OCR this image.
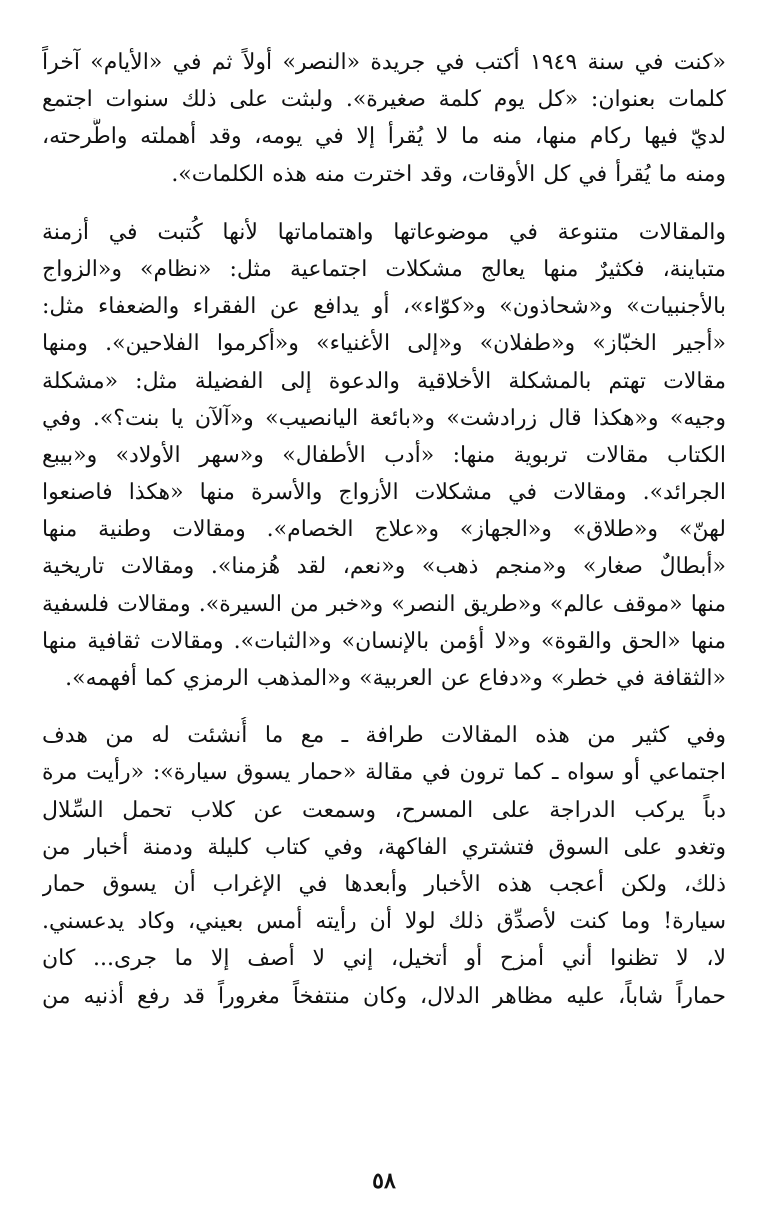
«كنت في سنة ١٩٤٩ أكتب في جريدة «النصر» أولاً ثم في «الأيام» آخراً
كلمات بعنوان: «كل يوم كلمة صغيرة». ولبثت على ذلك سنوات اجتمع
لديّ فيها ركام منها، منه ما لا يُقرأ إلا في يومه، وقد أهملته واطَّرحته،
ومنه ما يُقرأ في كل الأوقات، وقد اخترت منه هذه الكلمات».
والمقالات متنوعة في موضوعاتها واهتماماتها لأنها كُتبت في أزمنة
متباينة، فكثيرٌ منها يعالج مشكلات اجتماعية مثل: «نظام» و«الزواج
بالأجنبيات» و«شحاذون» و«كوّاء»، أو يدافع عن الفقراء والضعفاء مثل:
«أجير الخبّاز» و«طفلان» و«إلى الأغنياء» و«أكرموا الفلاحين». ومنها
مقالات تهتم بالمشكلة الأخلاقية والدعوة إلى الفضيلة مثل: «مشكلة
وجيه» و«هكذا قال زرادشت» و«بائعة اليانصيب» و«آلآن يا بنت؟». وفي
الكتاب مقالات تربوية منها: «أدب الأطفال» و«سهر الأولاد» و«بيبع
الجرائد». ومقالات في مشكلات الأزواج والأسرة منها «هكذا فاصنعوا
لهنّ» و«طلاق» و«الجهاز» و«علاج الخصام». ومقالات وطنية منها
«أبطالٌ صغار» و«منجم ذهب» و«نعم، لقد هُزمنا». ومقالات تاريخية
منها «موقف عالم» و«طريق النصر» و«خبر من السيرة». ومقالات فلسفية
منها «الحق والقوة» و«لا أؤمن بالإنسان» و«الثبات». ومقالات ثقافية منها
«الثقافة في خطر» و«دفاع عن العربية» و«المذهب الرمزي كما أفهمه».
وفي كثير من هذه المقالات طرافة ـ مع ما أُنشئت له من هدف
اجتماعي أو سواه ـ كما ترون في مقالة «حمار يسوق سيارة»: «رأيت مرة
دباً يركب الدراجة على المسرح، وسمعت عن كلاب تحمل السِّلال
وتغدو على السوق فتشتري الفاكهة، وفي كتاب كليلة ودمنة أخبار من
ذلك، ولكن أعجب هذه الأخبار وأبعدها في الإغراب أن يسوق حمار
سيارة! وما كنت لأصدِّق ذلك لولا أن رأيته أمس بعيني، وكاد يدعسني.
لا، لا تظنوا أني أمزح أو أتخيل، إني لا أصف إلا ما جرى... كان
حماراً شاباً، عليه مظاهر الدلال، وكان منتفخاً مغروراً قد رفع أذنيه من
٥٨
